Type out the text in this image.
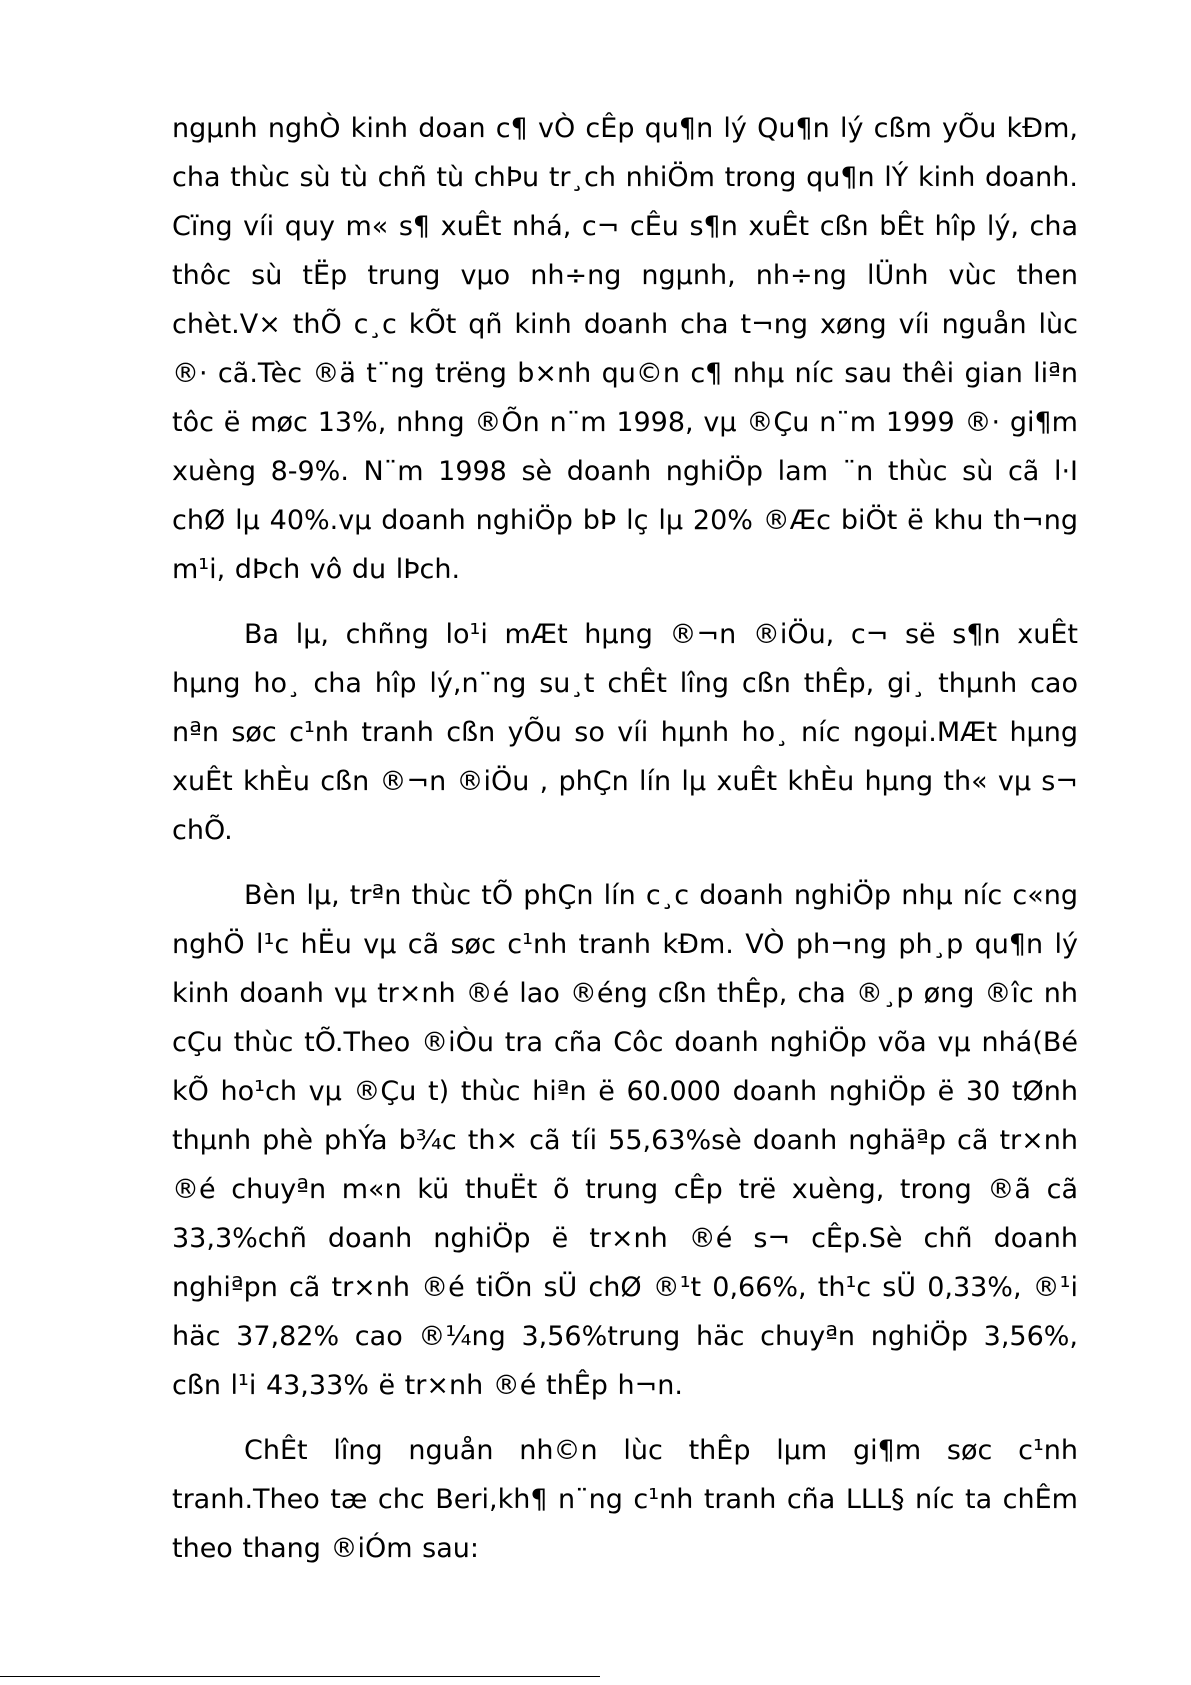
ngµnh nghÒ kinh doan c¶ vÒ cÊp qu¶n lý Qu¶n lý cßm yÕu kÐm, cha thùc sù tù chñ tù chÞu tr¸ch nhiÖm trong qu¶n lÝ kinh doanh. Cïng víi quy m« s¶ xuÊt nhá, c¬ cÊu s¶n xuÊt cßn bÊt hîp lý, cha thôc sù tËp trung vµo nh÷ng ngµnh, nh÷ng lÜnh vùc then chèt.V× thÕ c¸c kÕt qñ kinh doanh cha t¬ng xøng víi nguån lùc ®· cã.Tèc ®ä t¨ng trëng b×nh qu©n c¶ nhµ níc sau thêi gian liªn tôc ë møc 13%, nhng ®Õn n¨m 1998, vµ ®Çu n¨m 1999 ®· gi¶m xuèng 8-9%. N¨m 1998 sè doanh nghiÖp lam ¨n thùc sù cã l·I chØ lµ 40%.vµ doanh nghiÖp bÞ lç lµ 20% ®Æc biÖt ë khu th¬ng m¹i, dÞch vô du lÞch.

Ba lµ, chñng lo¹i mÆt hµng ®¬n ®iÖu, c¬ së s¶n xuÊt hµng ho¸ cha hîp lý,n¨ng su¸t chÊt lîng cßn thÊp, gi¸ thµnh cao nªn søc c¹nh tranh cßn yÕu so víi hµnh ho¸ níc ngoµi.MÆt hµng xuÊt khÈu cßn ®¬n ®iÖu , phÇn lín lµ xuÊt khÈu hµng th« vµ s¬ chÕ.

Bèn lµ, trªn thùc tÕ phÇn lín c¸c doanh nghiÖp nhµ níc c«ng nghÖ l¹c hËu vµ cã søc c¹nh tranh kÐm. VÒ ph¬ng ph¸p qu¶n lý kinh doanh vµ tr×nh ®é lao ®éng cßn thÊp, cha ®¸p øng ®îc nh cÇu thùc tÕ.Theo ®iÒu tra cña Côc doanh nghiÖp võa vµ nhá(Bé kÕ ho¹ch vµ ®Çu t) thùc hiªn ë 60.000 doanh nghiÖp ë 30 tØnh thµnh phè phÝa b¾c th× cã tíi 55,63%sè doanh nghäªp cã tr×nh ®é chuyªn m«n kü thuËt õ trung cÊp trë xuèng, trong ®ã cã 33,3%chñ doanh nghiÖp ë tr×nh ®é s¬ cÊp.Sè chñ doanh nghiªpn cã tr×nh ®é tiÕn sÜ chØ ®¹t 0,66%, th¹c sÜ 0,33%, ®¹i häc 37,82% cao ®¼ng 3,56%trung häc chuyªn nghiÖp 3,56%, cßn l¹i 43,33% ë tr×nh ®é thÊp h¬n.

ChÊt lîng nguån nh©n lùc thÊp lµm gi¶m søc c¹nh tranh.Theo tæ chc Beri,kh¶ n¨ng c¹nh tranh cña LLL§ níc ta chÊm theo thang ®iÓm sau:
